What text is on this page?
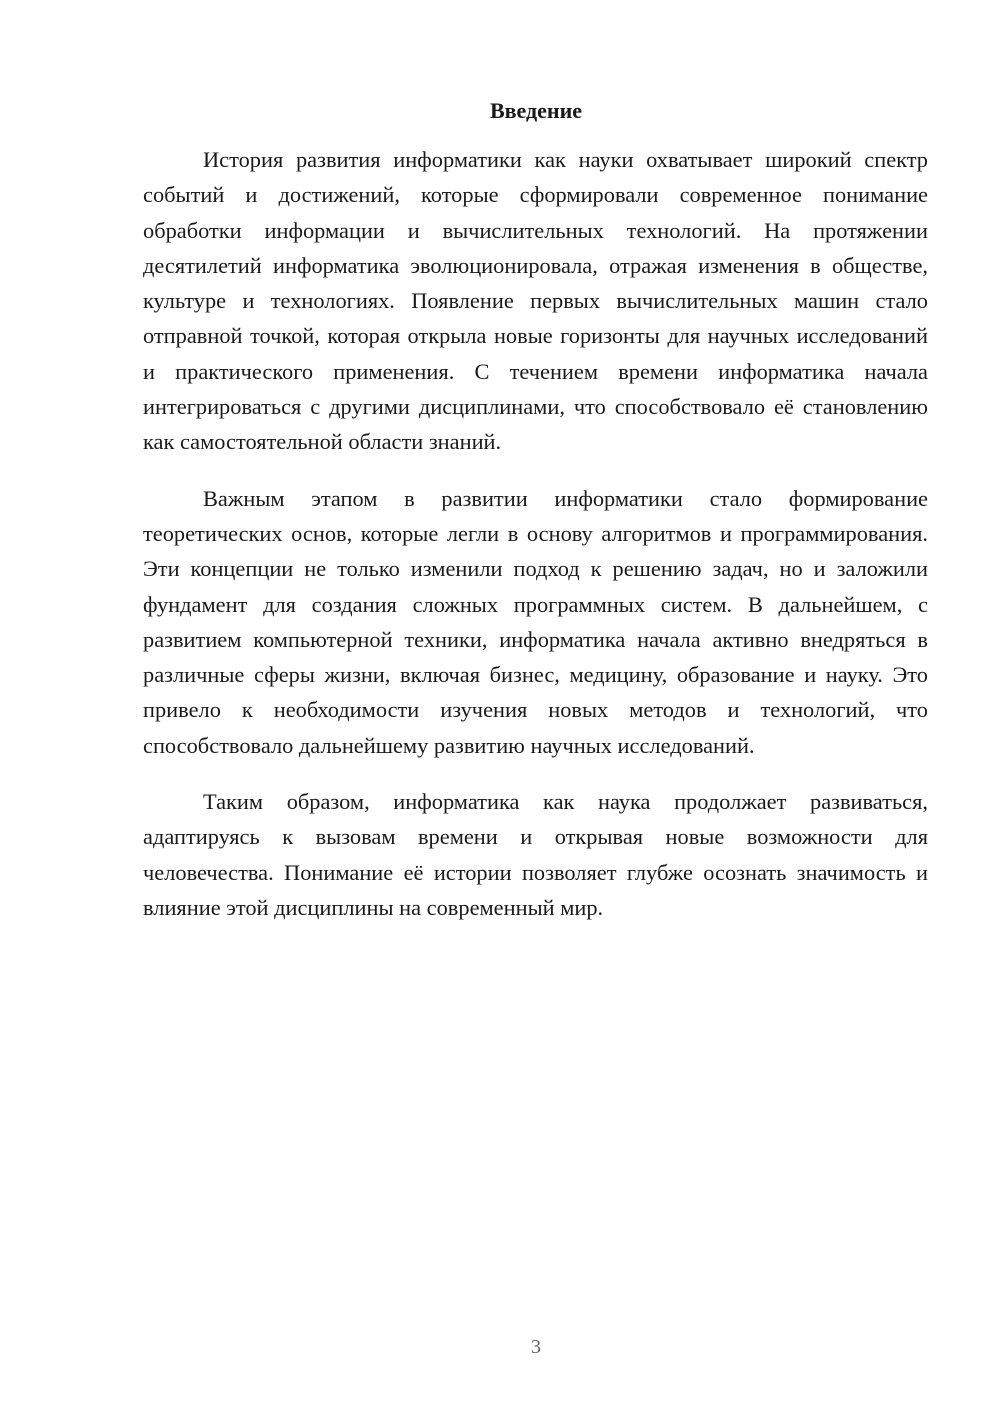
Введение

История развития информатики как науки охватывает широкий спектр событий и достижений, которые сформировали современное понимание обработки информации и вычислительных технологий. На протяжении десятилетий информатика эволюционировала, отражая изменения в обществе, культуре и технологиях. Появление первых вычислительных машин стало отправной точкой, которая открыла новые горизонты для научных исследований и практического применения. С течением времени информатика начала интегрироваться с другими дисциплинами, что способствовало её становлению как самостоятельной области знаний.

Важным этапом в развитии информатики стало формирование теоретических основ, которые легли в основу алгоритмов и программирования. Эти концепции не только изменили подход к решению задач, но и заложили фундамент для создания сложных программных систем. В дальнейшем, с развитием компьютерной техники, информатика начала активно внедряться в различные сферы жизни, включая бизнес, медицину, образование и науку. Это привело к необходимости изучения новых методов и технологий, что способствовало дальнейшему развитию научных исследований.

Таким образом, информатика как наука продолжает развиваться, адаптируясь к вызовам времени и открывая новые возможности для человечества. Понимание её истории позволяет глубже осознать значимость и влияние этой дисциплины на современный мир.

3
